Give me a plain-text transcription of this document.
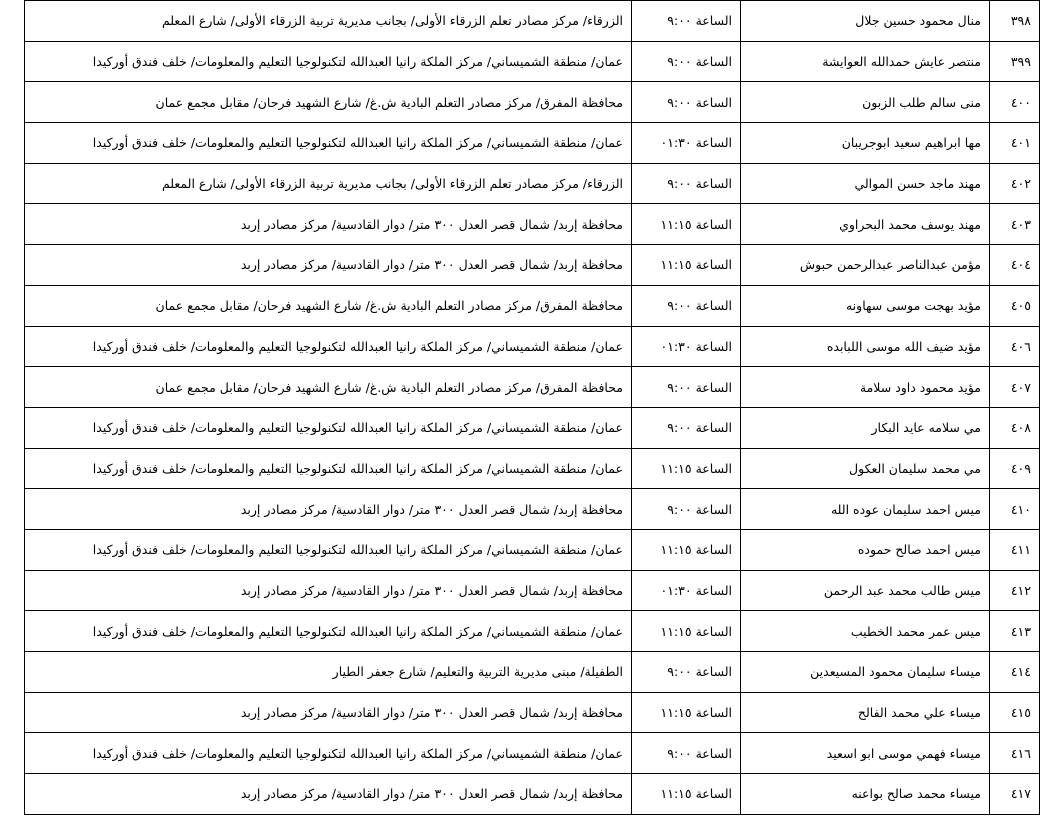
٣٩٨	منال محمود حسين جلال	الساعة ٩:٠٠	الزرقاء/ مركز مصادر تعلم الزرقاء الأولى/ بجانب مديرية تربية الزرقاء الأولى/ شارع المعلم
٣٩٩	منتصر عايش حمدالله العوايشة	الساعة ٩:٠٠	عمان/ منطقة الشميساني/ مركز الملكة رانيا العبدالله لتكنولوجيا التعليم والمعلومات/ خلف فندق أوركيدا
٤٠٠	منى سالم طلب الزبون	الساعة ٩:٠٠	محافظة المفرق/ مركز مصادر التعلم البادية ش.غ/ شارع الشهيد فرحان/ مقابل مجمع عمان
٤٠١	مها ابراهيم سعيد ابوجريبان	الساعة ٠١:٣٠	عمان/ منطقة الشميساني/ مركز الملكة رانيا العبدالله لتكنولوجيا التعليم والمعلومات/ خلف فندق أوركيدا
٤٠٢	مهند ماجد حسن الموالي	الساعة ٩:٠٠	الزرقاء/ مركز مصادر تعلم الزرقاء الأولى/ بجانب مديرية تربية الزرقاء الأولى/ شارع المعلم
٤٠٣	مهند يوسف محمد البحراوي	الساعة ١١:١٥	محافظة إربد/ شمال قصر العدل ٣٠٠ متر/ دوار القادسية/ مركز مصادر إربد
٤٠٤	مؤمن عبدالناصر عبدالرحمن حبوش	الساعة ١١:١٥	محافظة إربد/ شمال قصر العدل ٣٠٠ متر/ دوار القادسية/ مركز مصادر إربد
٤٠٥	مؤيد بهجت موسى سهاونه	الساعة ٩:٠٠	محافظة المفرق/ مركز مصادر التعلم البادية ش.غ/ شارع الشهيد فرحان/ مقابل مجمع عمان
٤٠٦	مؤيد ضيف الله موسى اللبابده	الساعة ٠١:٣٠	عمان/ منطقة الشميساني/ مركز الملكة رانيا العبدالله لتكنولوجيا التعليم والمعلومات/ خلف فندق أوركيدا
٤٠٧	مؤيد محمود داود سلامة	الساعة ٩:٠٠	محافظة المفرق/ مركز مصادر التعلم البادية ش.غ/ شارع الشهيد فرحان/ مقابل مجمع عمان
٤٠٨	مي سلامه عايد البكار	الساعة ٩:٠٠	عمان/ منطقة الشميساني/ مركز الملكة رانيا العبدالله لتكنولوجيا التعليم والمعلومات/ خلف فندق أوركيدا
٤٠٩	مي محمد سليمان العكول	الساعة ١١:١٥	عمان/ منطقة الشميساني/ مركز الملكة رانيا العبدالله لتكنولوجيا التعليم والمعلومات/ خلف فندق أوركيدا
٤١٠	ميس احمد سليمان عوده الله	الساعة ٩:٠٠	محافظة إربد/ شمال قصر العدل ٣٠٠ متر/ دوار القادسية/ مركز مصادر إربد
٤١١	ميس احمد صالح حموده	الساعة ١١:١٥	عمان/ منطقة الشميساني/ مركز الملكة رانيا العبدالله لتكنولوجيا التعليم والمعلومات/ خلف فندق أوركيدا
٤١٢	ميس طالب محمد عبد الرحمن	الساعة ٠١:٣٠	محافظة إربد/ شمال قصر العدل ٣٠٠ متر/ دوار القادسية/ مركز مصادر إربد
٤١٣	ميس عمر محمد الخطيب	الساعة ١١:١٥	عمان/ منطقة الشميساني/ مركز الملكة رانيا العبدالله لتكنولوجيا التعليم والمعلومات/ خلف فندق أوركيدا
٤١٤	ميساء سليمان محمود المسيعدين	الساعة ٩:٠٠	الطفيلة/ مبنى مديرية التربية والتعليم/ شارع جعفر الطيار
٤١٥	ميساء علي محمد الفالح	الساعة ١١:١٥	محافظة إربد/ شمال قصر العدل ٣٠٠ متر/ دوار القادسية/ مركز مصادر إربد
٤١٦	ميساء فهمي موسى ابو اسعيد	الساعة ٩:٠٠	عمان/ منطقة الشميساني/ مركز الملكة رانيا العبدالله لتكنولوجيا التعليم والمعلومات/ خلف فندق أوركيدا
٤١٧	ميساء محمد صالح بواعنه	الساعة ١١:١٥	محافظة إربد/ شمال قصر العدل ٣٠٠ متر/ دوار القادسية/ مركز مصادر إربد
